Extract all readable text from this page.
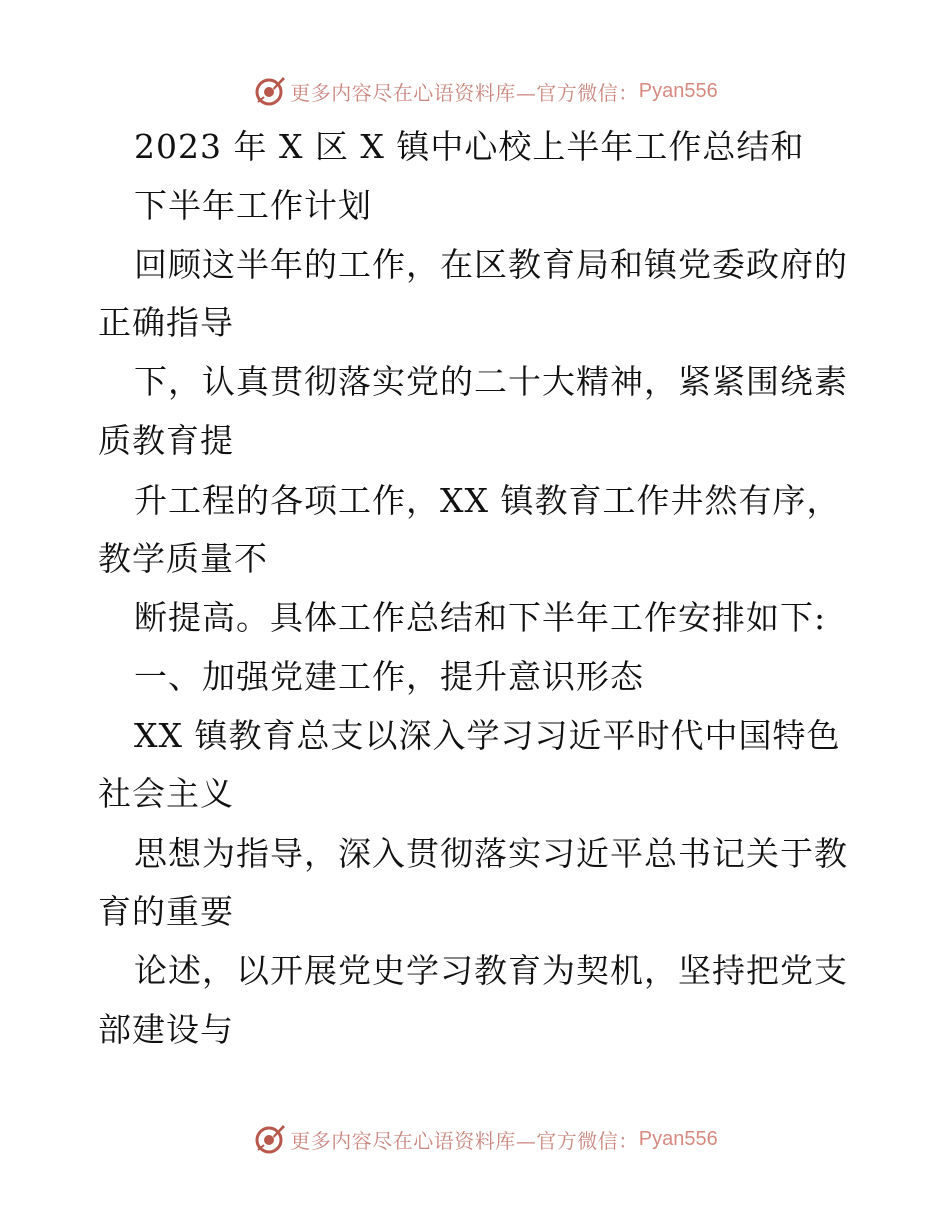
更多内容尽在心语资料库—官方微信： Pyan556
2023 年 X 区 X 镇中心校上半年工作总结和
下半年工作计划
回顾这半年的工作，在区教育局和镇党委政府的
正确指导
下，认真贯彻落实党的二十大精神，紧紧围绕素
质教育提
升工程的各项工作，XX 镇教育工作井然有序，
教学质量不
断提高。具体工作总结和下半年工作安排如下:
一、加强党建工作，提升意识形态
XX 镇教育总支以深入学习习近平时代中国特色
社会主义
思想为指导，深入贯彻落实习近平总书记关于教
育的重要
论述，以开展党史学习教育为契机，坚持把党支
部建设与
更多内容尽在心语资料库—官方微信： Pyan556
